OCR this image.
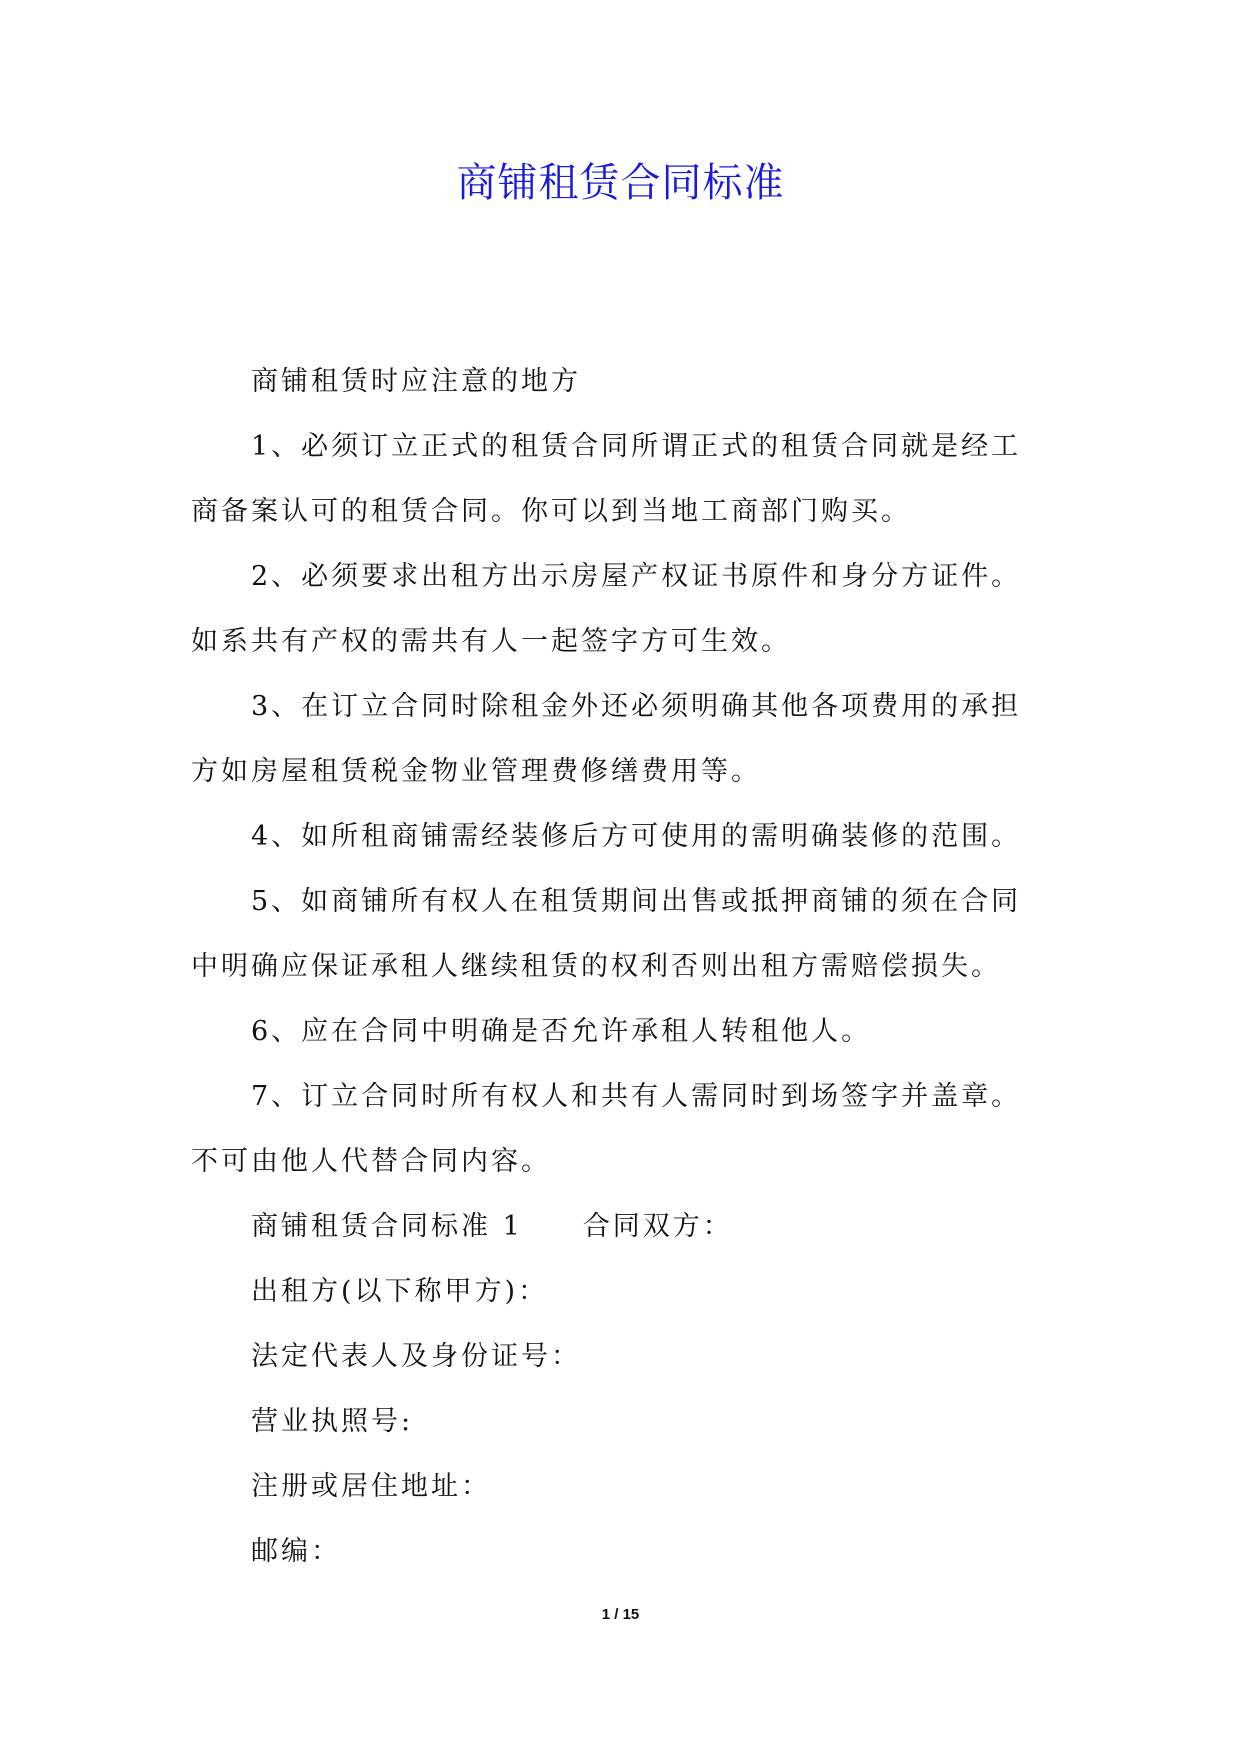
商铺租赁合同标准

商铺租赁时应注意的地方

1、必须订立正式的租赁合同所谓正式的租赁合同就是经工商备案认可的租赁合同。你可以到当地工商部门购买。

2、必须要求出租方出示房屋产权证书原件和身分方证件。如系共有产权的需共有人一起签字方可生效。

3、在订立合同时除租金外还必须明确其他各项费用的承担方如房屋租赁税金物业管理费修缮费用等。

4、如所租商铺需经装修后方可使用的需明确装修的范围。

5、如商铺所有权人在租赁期间出售或抵押商铺的须在合同中明确应保证承租人继续租赁的权利否则出租方需赔偿损失。

6、应在合同中明确是否允许承租人转租他人。

7、订立合同时所有权人和共有人需同时到场签字并盖章。不可由他人代替合同内容。

商铺租赁合同标准 1 合同双方：

出租方(以下称甲方)：

法定代表人及身份证号：

营业执照号:

注册或居住地址：

邮编：

1 / 15
